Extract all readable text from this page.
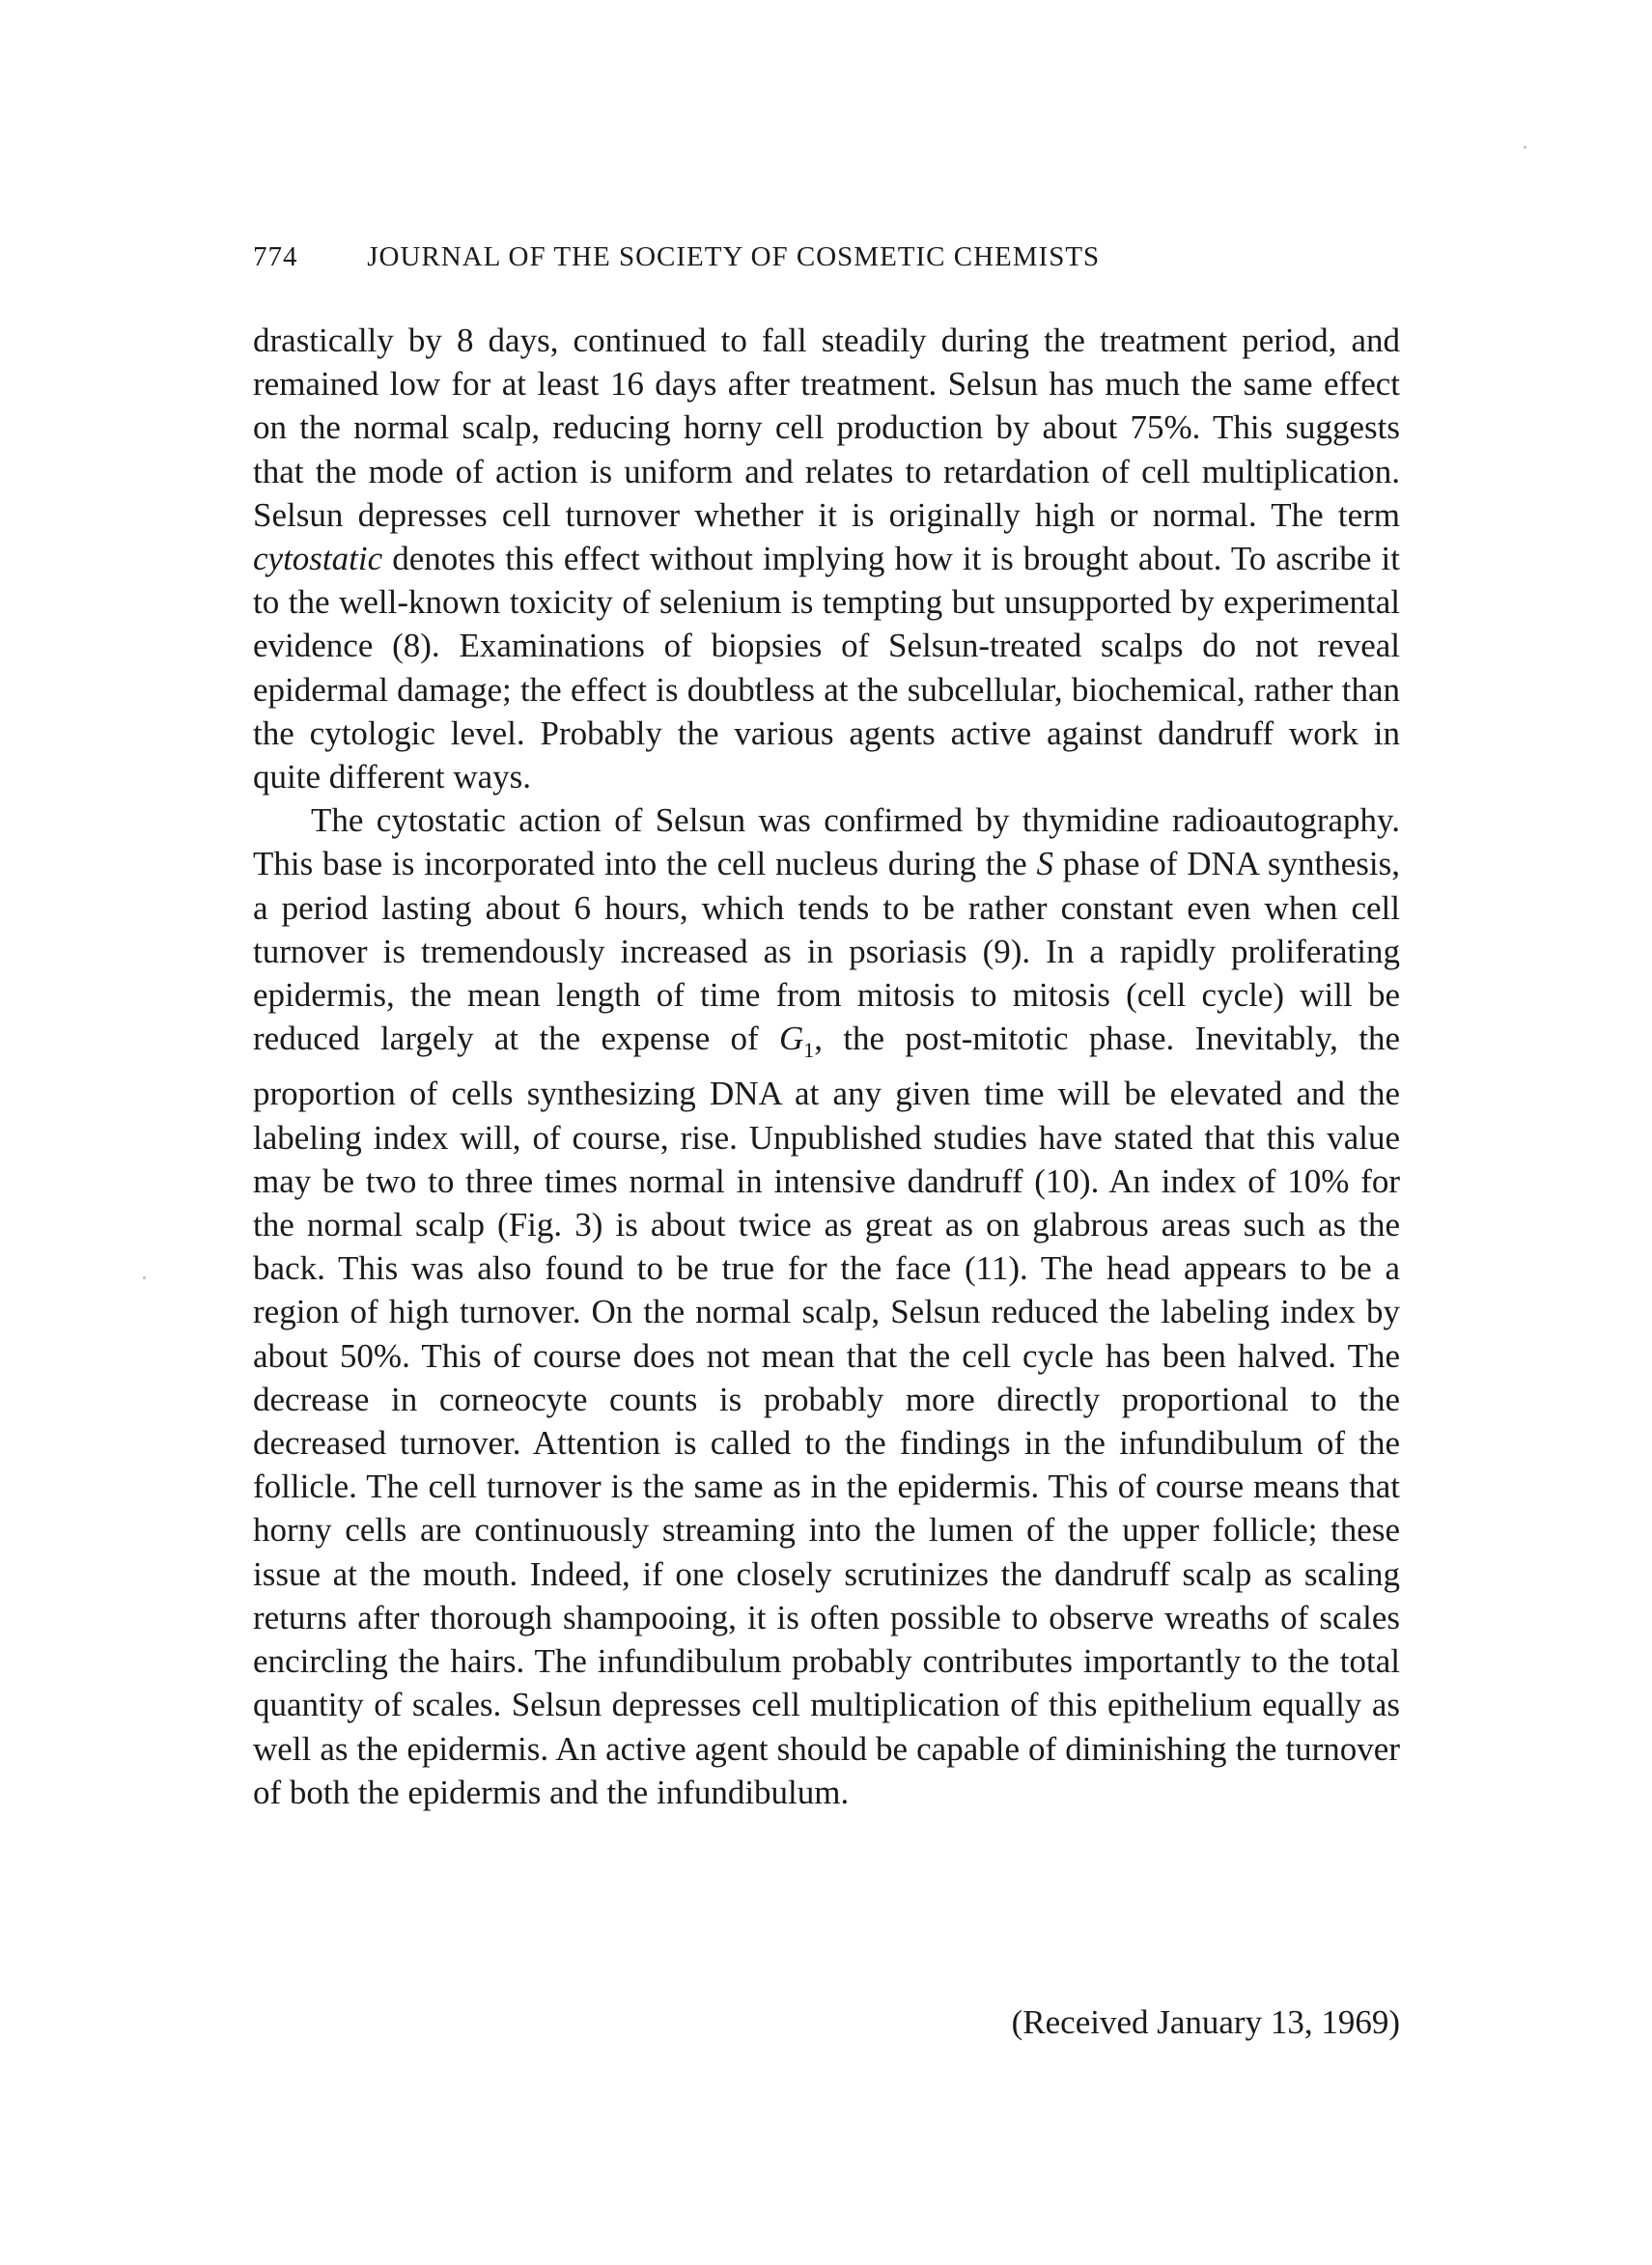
774 JOURNAL OF THE SOCIETY OF COSMETIC CHEMISTS

drastically by 8 days, continued to fall steadily during the treatment period, and remained low for at least 16 days after treatment. Selsun has much the same effect on the normal scalp, reducing horny cell production by about 75%. This suggests that the mode of action is uniform and relates to retardation of cell multiplication. Selsun depresses cell turnover whether it is originally high or normal. The term cytostatic denotes this effect without implying how it is brought about. To ascribe it to the well-known toxicity of selenium is tempting but unsupported by experimental evidence (8). Examinations of biopsies of Selsun-treated scalps do not reveal epidermal damage; the effect is doubtless at the subcellular, biochemical, rather than the cytologic level. Probably the various agents active against dandruff work in quite different ways.

The cytostatic action of Selsun was confirmed by thymidine radioautography. This base is incorporated into the cell nucleus during the S phase of DNA synthesis, a period lasting about 6 hours, which tends to be rather constant even when cell turnover is tremendously increased as in psoriasis (9). In a rapidly proliferating epidermis, the mean length of time from mitosis to mitosis (cell cycle) will be reduced largely at the expense of $G_1$, the post-mitotic phase. Inevitably, the proportion of cells synthesizing DNA at any given time will be elevated and the labeling index will, of course, rise. Unpublished studies have stated that this value may be two to three times normal in intensive dandruff (10). An index of 10% for the normal scalp (Fig. 3) is about twice as great as on glabrous areas such as the back. This was also found to be true for the face (11). The head appears to be a region of high turnover. On the normal scalp, Selsun reduced the labeling index by about 50%. This of course does not mean that the cell cycle has been halved. The decrease in corneocyte counts is probably more directly proportional to the decreased turnover. Attention is called to the findings in the infundibulum of the follicle. The cell turnover is the same as in the epidermis. This of course means that horny cells are continuously streaming into the lumen of the upper follicle; these issue at the mouth. Indeed, if one closely scrutinizes the dandruff scalp as scaling returns after thorough shampooing, it is often possible to observe wreaths of scales encircling the hairs. The infundibulum probably contributes importantly to the total quantity of scales. Selsun depresses cell multiplication of this epithelium equally as well as the epidermis. An active agent should be capable of diminishing the turnover of both the epidermis and the infundibulum.

(Received January 13, 1969)
